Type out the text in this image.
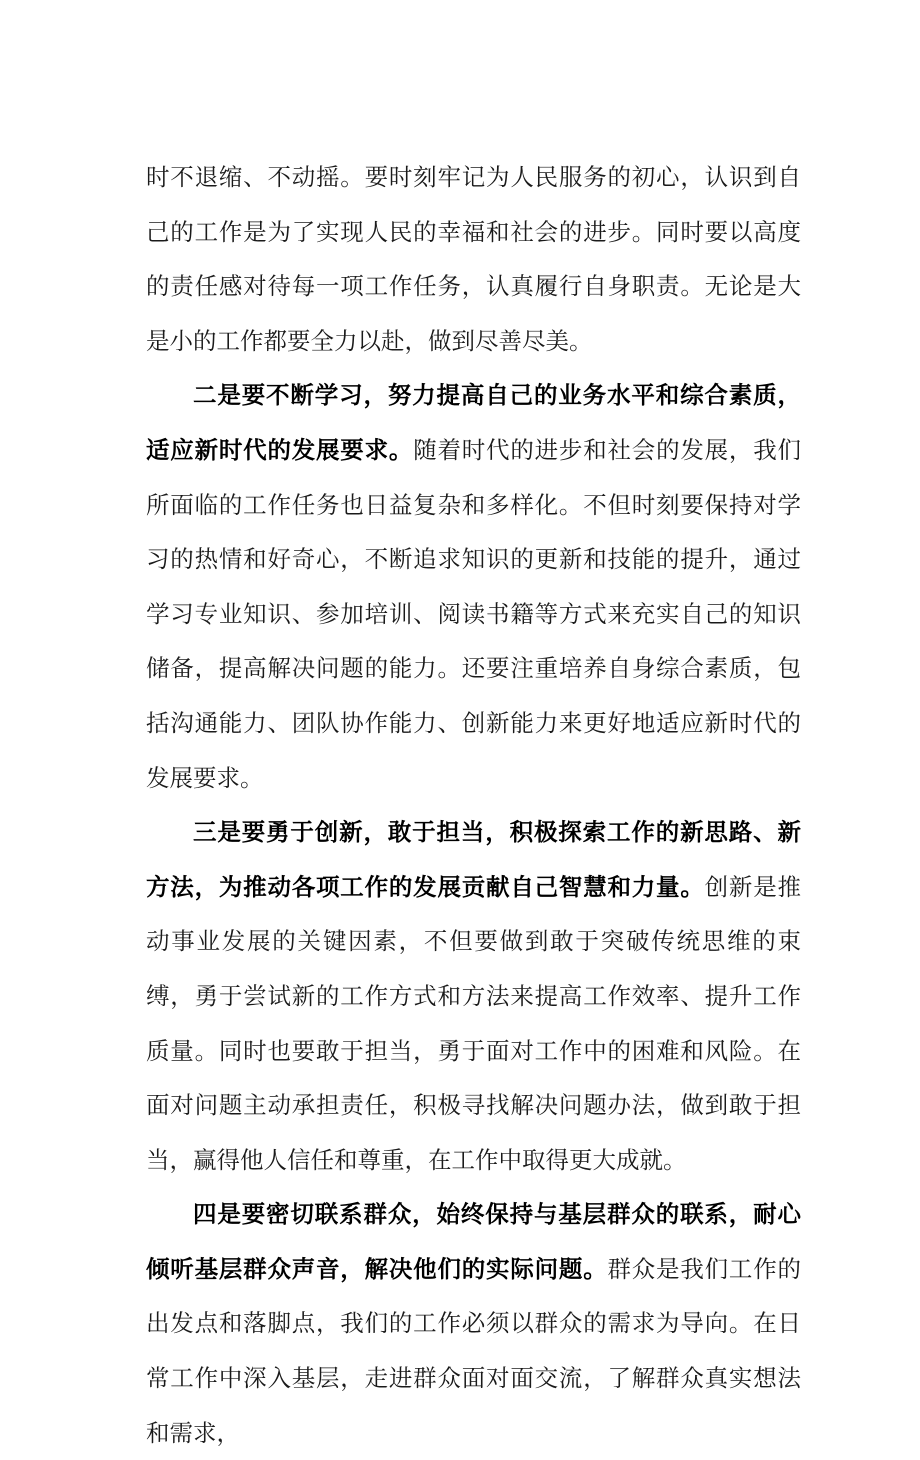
时不退缩、不动摇。要时刻牢记为人民服务的初心，认识到自己的工作是为了实现人民的幸福和社会的进步。同时要以高度的责任感对待每一项工作任务，认真履行自身职责。无论是大是小的工作都要全力以赴，做到尽善尽美。

二是要不断学习，努力提高自己的业务水平和综合素质，适应新时代的发展要求。随着时代的进步和社会的发展，我们所面临的工作任务也日益复杂和多样化。不但时刻要保持对学习的热情和好奇心，不断追求知识的更新和技能的提升，通过学习专业知识、参加培训、阅读书籍等方式来充实自己的知识储备，提高解决问题的能力。还要注重培养自身综合素质，包括沟通能力、团队协作能力、创新能力来更好地适应新时代的发展要求。

三是要勇于创新，敢于担当，积极探索工作的新思路、新方法，为推动各项工作的发展贡献自己智慧和力量。创新是推动事业发展的关键因素，不但要做到敢于突破传统思维的束缚，勇于尝试新的工作方式和方法来提高工作效率、提升工作质量。同时也要敢于担当，勇于面对工作中的困难和风险。在面对问题主动承担责任，积极寻找解决问题办法，做到敢于担当，赢得他人信任和尊重，在工作中取得更大成就。

四是要密切联系群众，始终保持与基层群众的联系，耐心倾听基层群众声音，解决他们的实际问题。群众是我们工作的出发点和落脚点，我们的工作必须以群众的需求为导向。在日常工作中深入基层，走进群众面对面交流，了解群众真实想法和需求，
